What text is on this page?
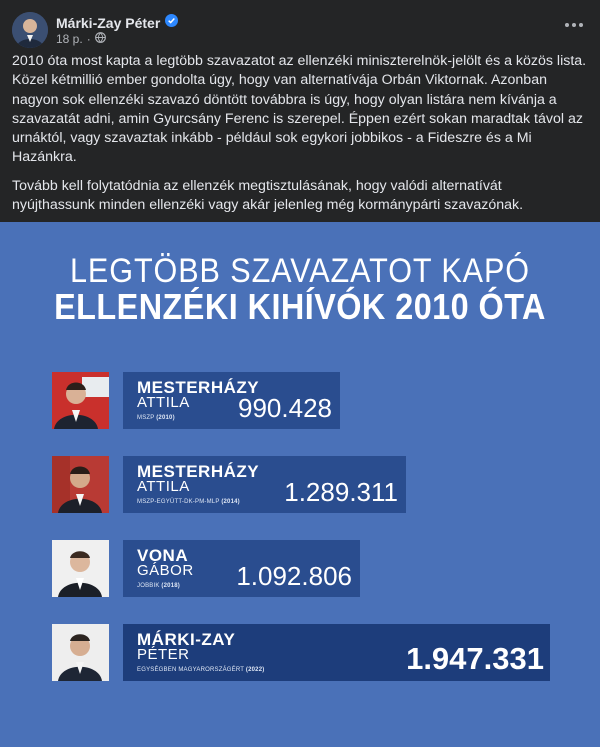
Márki-Zay Péter
18 p. ·

2010 óta most kapta a legtöbb szavazatot az ellenzéki miniszterelnök-jelölt és a közös lista. Közel kétmillió ember gondolta úgy, hogy van alternatívája Orbán Viktornak. Azonban nagyon sok ellenzéki szavazó döntött továbbra is úgy, hogy olyan listára nem kívánja a szavazatát adni, amin Gyurcsány Ferenc is szerepel. Éppen ezért sokan maradtak távol az urnáktól, vagy szavaztak inkább - például sok egykori jobbikos - a Fideszre és a Mi Hazánkra.

Tovább kell folytatódnia az ellenzék megtisztulásának, hogy valódi alternatívát nyújthassunk minden ellenzéki vagy akár jelenleg még kormánypárti szavazónak.

LEGTÖBB SZAVAZATOT KAPÓ
ELLENZÉKI KIHÍVÓK 2010 ÓTA
MESTERHÁZY
ATTILA
MSZP (2010) 990.428
MESTERHÁZY
ATTILA
MSZP-EGYÜTT-DK-PM-MLP (2014) 1.289.311
VONA
GÁBOR
JOBBIK (2018) 1.092.806
MÁRKI-ZAY
PÉTER
EGYSÉGBEN MAGYARORSZÁGÉRT (2022)	1.947.331
